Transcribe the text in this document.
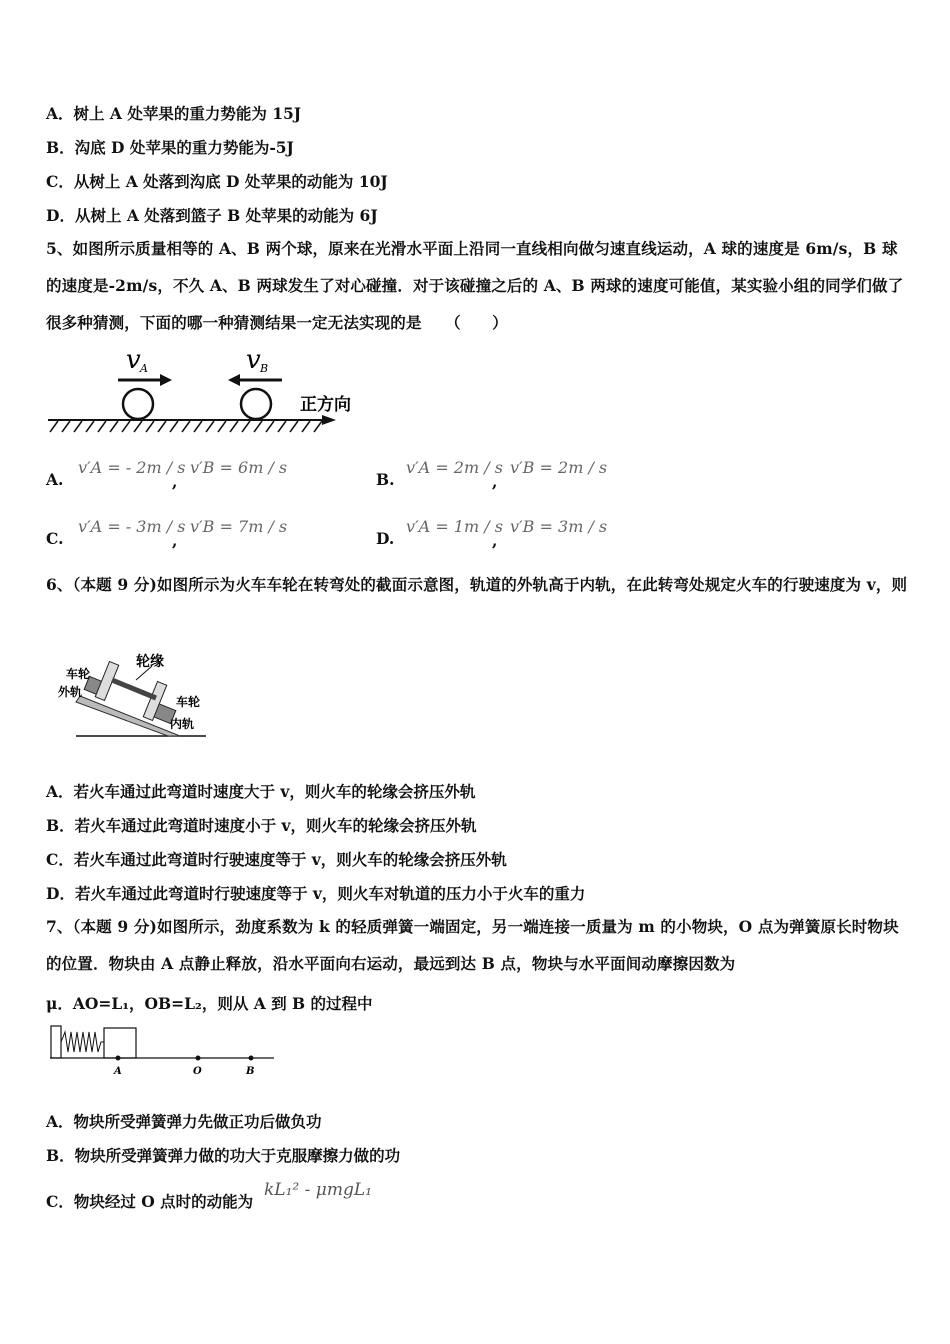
A．树上 A 处苹果的重力势能为 15J
B．沟底 D 处苹果的重力势能为-5J
C．从树上 A 处落到沟底 D 处苹果的动能为 10J
D．从树上 A 处落到篮子 B 处苹果的动能为 6J
5、如图所示质量相等的 A、B 两个球，原来在光滑水平面上沿同一直线相向做匀速直线运动，A 球的速度是 6m/s，B 球的速度是-2m/s，不久 A、B 两球发生了对心碰撞．对于该碰撞之后的 A、B 两球的速度可能值，某实验小组的同学们做了很多种猜测，下面的哪一种猜测结果一定无法实现的是　　（　　）
v A	v B
正方向
A.
v′A = - 2m / s
,
v′B = 6m / s
B.
v′A = 2m / s
,
v′B = 2m / s
C.
v′A = - 3m / s
,
v′B = 7m / s
D.
v′A = 1m / s
,
v′B = 3m / s
6、（本题 9 分)如图所示为火车车轮在转弯处的截面示意图，轨道的外轨高于内轨，在此转弯处规定火车的行驶速度为 v，则
轮缘
车轮
外轨
车轮
内轨
A．若火车通过此弯道时速度大于 v，则火车的轮缘会挤压外轨
B．若火车通过此弯道时速度小于 v，则火车的轮缘会挤压外轨
C．若火车通过此弯道时行驶速度等于 v，则火车的轮缘会挤压外轨
D．若火车通过此弯道时行驶速度等于 v，则火车对轨道的压力小于火车的重力
7、（本题 9 分)如图所示，劲度系数为 k 的轻质弹簧一端固定，另一端连接一质量为 m 的小物块，O 点为弹簧原长时物块的位置．物块由 A 点静止释放，沿水平面向右运动，最远到达 B 点，物块与水平面间动摩擦因数为
μ．AO=L₁，OB=L₂，则从 A 到 B 的过程中
A	O	B
A．物块所受弹簧弹力先做正功后做负功
B．物块所受弹簧弹力做的功大于克服摩擦力做的功
C．物块经过 O 点时的动能为
kL₁² - μmgL₁
